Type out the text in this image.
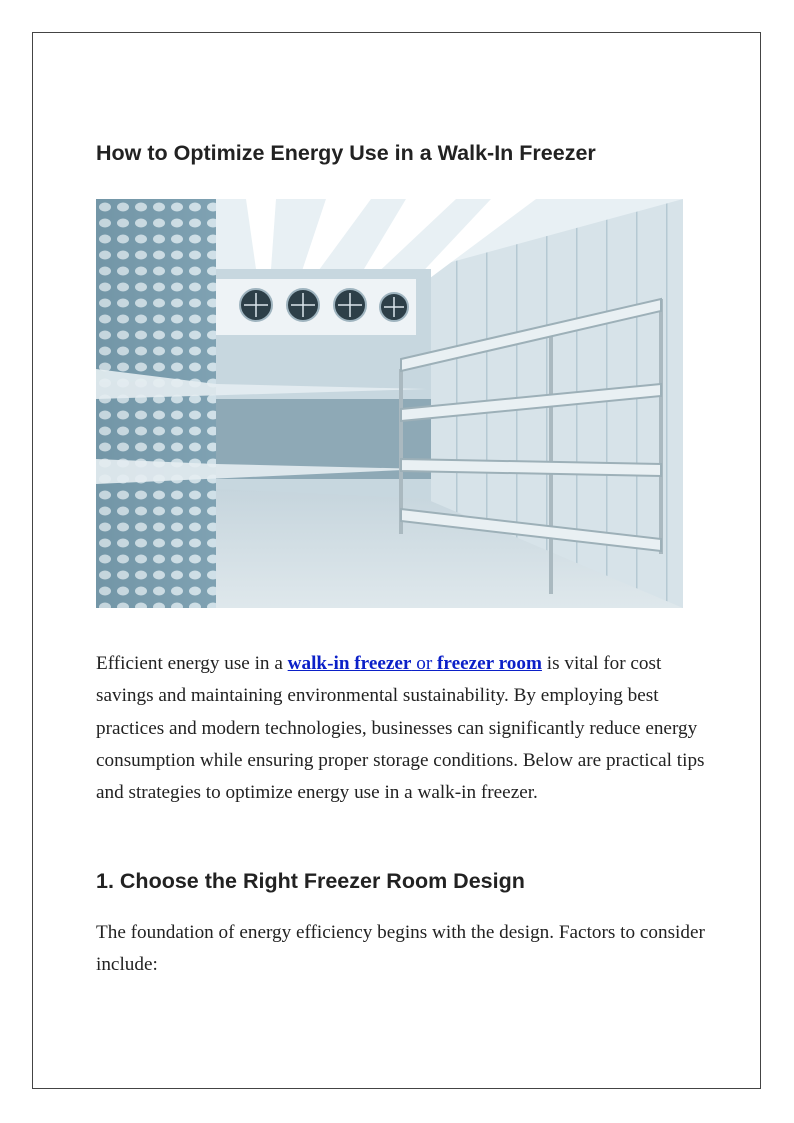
How to Optimize Energy Use in a Walk-In Freezer

Efficient energy use in a walk-in freezer or freezer room is vital for cost savings and maintaining environmental sustainability. By employing best practices and modern technologies, businesses can significantly reduce energy consumption while ensuring proper storage conditions. Below are practical tips and strategies to optimize energy use in a walk-in freezer.

1. Choose the Right Freezer Room Design

The foundation of energy efficiency begins with the design. Factors to consider include:
